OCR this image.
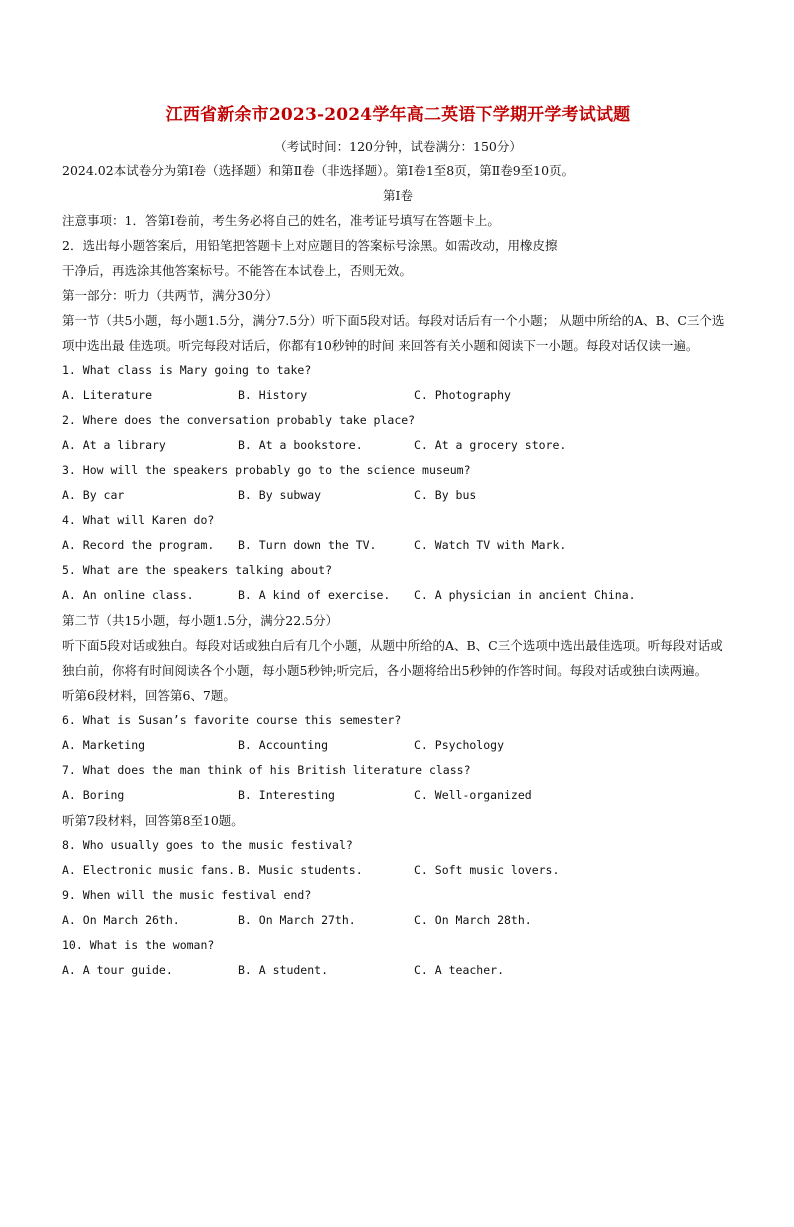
江西省新余市2023-2024学年高二英语下学期开学考试试题
（考试时间：120分钟，试卷满分：150分）
2024.02本试卷分为第Ⅰ卷（选择题）和第Ⅱ卷（非选择题）。第Ⅰ卷1至8页，第Ⅱ卷9至10页。
第Ⅰ卷
注意事项：1．答第Ⅰ卷前，考生务必将自己的姓名，准考证号填写在答题卡上。
2．选出每小题答案后，用铅笔把答题卡上对应题目的答案标号涂黑。如需改动，用橡皮擦
干净后，再选涂其他答案标号。不能答在本试卷上，否则无效。
第一部分：听力（共两节，满分30分）
第一节（共5小题，每小题1.5分，满分7.5分）听下面5段对话。每段对话后有一个小题； 从题中所给的A、B、C三个选项中选出最 佳选项。听完每段对话后，你都有10秒钟的时间 来回答有关小题和阅读下一小题。每段对话仅读一遍。
1. What class is Mary going to take?
A. Literature	B. History	C. Photography
2. Where does the conversation probably take place?
A. At a library	B. At a bookstore.	C. At a grocery store.
3. How will the speakers probably go to the science museum?
A. By car	B. By subway	C. By bus
4. What will Karen do?
A. Record the program.	B. Turn down the TV.	C. Watch TV with Mark.
5. What are the speakers talking about?
A. An online class.	B. A kind of exercise.	C. A physician in ancient China.
第二节（共15小题，每小题1.5分，满分22.5分）
听下面5段对话或独白。每段对话或独白后有几个小题，从题中所给的A、B、C三个选项中选出最佳选项。听每段对话或独白前，你将有时间阅读各个小题，每小题5秒钟;听完后，各小题将给出5秒钟的作答时间。每段对话或独白读两遍。
听第6段材料，回答第6、7题。
6. What is Susan’s favorite course this semester?
A. Marketing	B. Accounting	C. Psychology
7. What does the man think of his British literature class?
A. Boring	B. Interesting	C. Well-organized
听第7段材料，回答第8至10题。
8. Who usually goes to the music festival?
A. Electronic music fans. B. Music students.	C. Soft music lovers.
9. When will the music festival end?
A. On March 26th.	B. On March 27th.	C. On March 28th.
10. What is the woman?
A. A tour guide.	B. A student.	C. A teacher.
